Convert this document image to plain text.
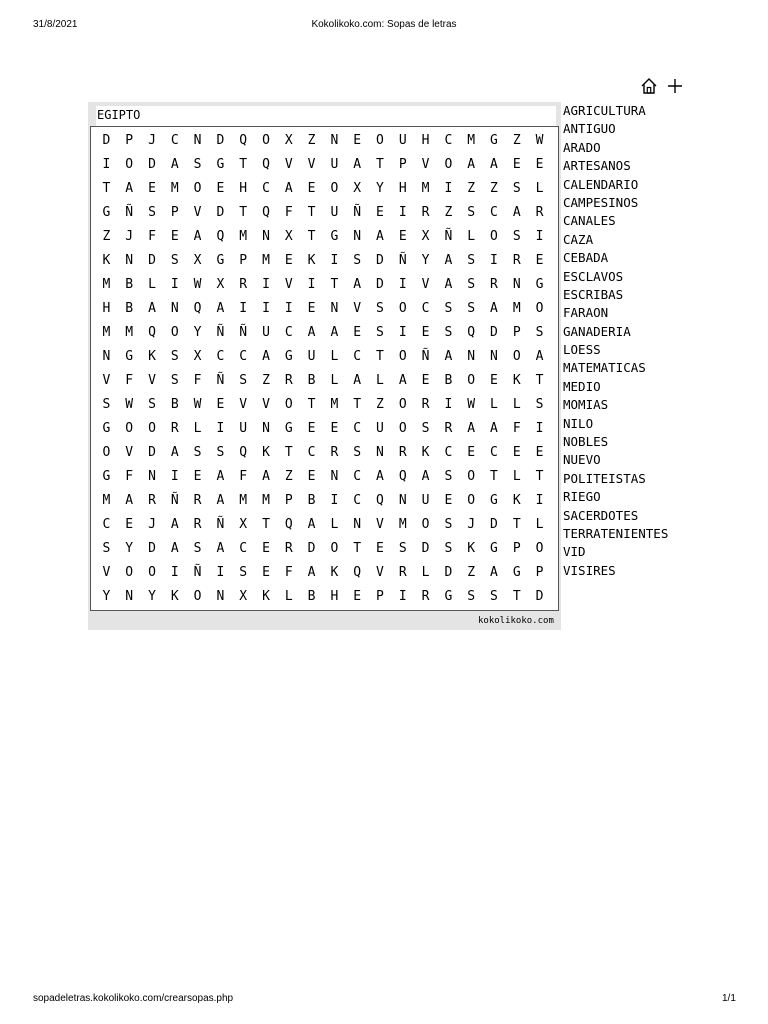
31/8/2021	Kokolikoko.com: Sopas de letras
EGIPTO
D	P	J	C	N	D	Q	O	X	Z	N	E	O	U	H	C	M	G	Z	W
I	O	D	A	S	G	T	Q	V	V	U	A	T	P	V	O	A	A	E	E
T	A	E	M	O	E	H	C	A	E	O	X	Y	H	M	I	Z	Z	S	L
G	Ñ	S	P	V	D	T	Q	F	T	U	Ñ	E	I	R	Z	S	C	A	R
Z	J	F	E	A	Q	M	N	X	T	G	N	A	E	X	Ñ	L	O	S	I
K	N	D	S	X	G	P	M	E	K	I	S	D	Ñ	Y	A	S	I	R	E
M	B	L	I	W	X	R	I	V	I	T	A	D	I	V	A	S	R	N	G
H	B	A	N	Q	A	I	I	I	E	N	V	S	O	C	S	S	A	M	O
M	M	Q	O	Y	Ñ	Ñ	U	C	A	A	E	S	I	E	S	Q	D	P	S
N	G	K	S	X	C	C	A	G	U	L	C	T	O	Ñ	A	N	N	O	A
V	F	V	S	F	Ñ	S	Z	R	B	L	A	L	A	E	B	O	E	K	T
S	W	S	B	W	E	V	V	O	T	M	T	Z	O	R	I	W	L	L	S
G	O	O	R	L	I	U	N	G	E	E	C	U	O	S	R	A	A	F	I
O	V	D	A	S	S	Q	K	T	C	R	S	N	R	K	C	E	C	E	E
G	F	N	I	E	A	F	A	Z	E	N	C	A	Q	A	S	O	T	L	T
M	A	R	Ñ	R	A	M	M	P	B	I	C	Q	N	U	E	O	G	K	I
C	E	J	A	R	Ñ	X	T	Q	A	L	N	V	M	O	S	J	D	T	L
S	Y	D	A	S	A	C	E	R	D	O	T	E	S	D	S	K	G	P	O
V	O	O	I	Ñ	I	S	E	F	A	K	Q	V	R	L	D	Z	A	G	P
Y	N	Y	K	O	N	X	K	L	B	H	E	P	I	R	G	S	S	T	D
kokolikoko.com
AGRICULTURA
ANTIGUO
ARADO
ARTESANOS
CALENDARIO
CAMPESINOS
CANALES
CAZA
CEBADA
ESCLAVOS
ESCRIBAS
FARAON
GANADERIA
LOESS
MATEMATICAS
MEDIO
MOMIAS
NILO
NOBLES
NUEVO
POLITEISTAS
RIEGO
SACERDOTES
TERRATENIENTES
VID
VISIRES
sopadeletras.kokolikoko.com/crearsopas.php	1/1
